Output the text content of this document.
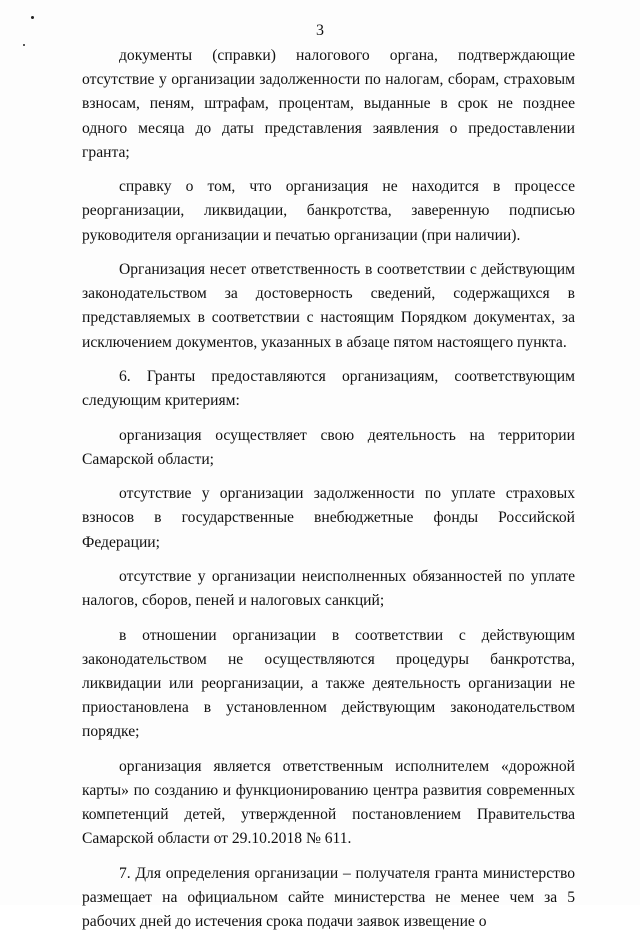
3

документы (справки) налогового органа, подтверждающие отсутствие у организации задолженности по налогам, сборам, страховым взносам, пеням, штрафам, процентам, выданные в срок не позднее одного месяца до даты представления заявления о предоставлении гранта;

справку о том, что организация не находится в процессе реорганизации, ликвидации, банкротства, заверенную подписью руководителя организации и печатью организации (при наличии).

Организация несет ответственность в соответствии с действующим законодательством за достоверность сведений, содержащихся в представляемых в соответствии с настоящим Порядком документах, за исключением документов, указанных в абзаце пятом настоящего пункта.

6. Гранты предоставляются организациям, соответствующим следующим критериям:

организация осуществляет свою деятельность на территории Самарской области;

отсутствие у организации задолженности по уплате страховых взносов в государственные внебюджетные фонды Российской Федерации;

отсутствие у организации неисполненных обязанностей по уплате налогов, сборов, пеней и налоговых санкций;

в отношении организации в соответствии с действующим законодательством не осуществляются процедуры банкротства, ликвидации или реорганизации, а также деятельность организации не приостановлена в установленном действующим законодательством порядке;

организация является ответственным исполнителем «дорожной карты» по созданию и функционированию центра развития современных компетенций детей, утвержденной постановлением Правительства Самарской области от 29.10.2018 № 611.

7. Для определения организации – получателя гранта министерство размещает на официальном сайте министерства не менее чем за 5 рабочих дней до истечения срока подачи заявок извещение о
